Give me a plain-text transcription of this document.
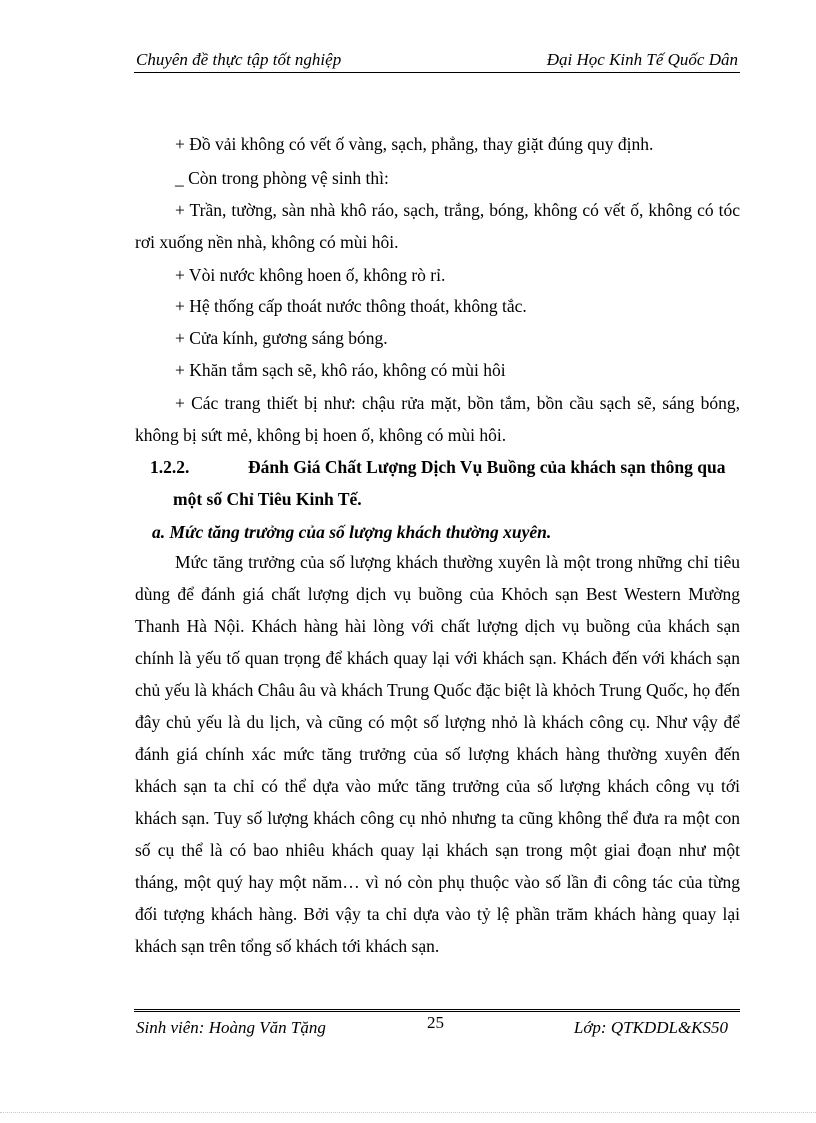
Chuyên đề thực tập tốt nghiệp	Đại Học Kinh Tế Quốc Dân
+ Đồ vải không có vết ố vàng, sạch, phẳng, thay giặt đúng quy định.
_ Còn trong phòng vệ sinh thì:
+ Trần, tường, sàn nhà khô ráo, sạch, trắng, bóng, không có vết ố, không có tóc rơi xuống nền nhà, không có mùi hôi.
+ Vòi nước không hoen ố, không rò rỉ.
+ Hệ thống cấp thoát nước thông thoát, không tắc.
+ Cửa kính, gương sáng bóng.
+ Khăn tắm sạch sẽ, khô ráo, không có mùi hôi
+ Các trang thiết bị như: chậu rửa mặt, bồn tắm, bồn cầu sạch sẽ, sáng bóng, không bị sứt mẻ, không bị hoen ố, không có mùi hôi.
1.2.2.	Đánh Giá Chất Lượng Dịch Vụ Buồng của khách sạn thông qua
một số Chỉ Tiêu Kinh Tế.
a. Mức tăng trưởng của số lượng khách thường xuyên.
Mức tăng trưởng của số lượng khách thường xuyên là một trong những chỉ tiêu dùng để đánh giá chất lượng dịch vụ buồng của Khỏch sạn Best Western Mường Thanh Hà Nội. Khách hàng hài lòng với chất lượng dịch vụ buồng của khách sạn chính là yếu tố quan trọng để khách quay lại với khách sạn. Khách đến với khách sạn chủ yếu là khách Châu âu và khách Trung Quốc đặc biệt là khỏch Trung Quốc, họ đến đây chủ yếu là du lịch, và cũng có một số lượng nhỏ là khách công cụ. Như vậy để đánh giá chính xác mức tăng trưởng của số lượng khách hàng thường xuyên đến khách sạn ta chỉ có thể dựa vào mức tăng trưởng của số lượng khách công vụ tới khách sạn. Tuy số lượng khách công cụ nhỏ nhưng ta cũng không thể đưa ra một con số cụ thể là có bao nhiêu khách quay lại khách sạn trong một giai đoạn như một tháng, một quý hay một năm… vì nó còn phụ thuộc vào số lần đi công tác của từng đối tượng khách hàng. Bởi vậy ta chỉ dựa vào tỷ lệ phần trăm khách hàng quay lại khách sạn trên tổng số khách tới khách sạn.
Sinh viên: Hoàng Văn Tặng	25	Lớp: QTKDDL&KS50
